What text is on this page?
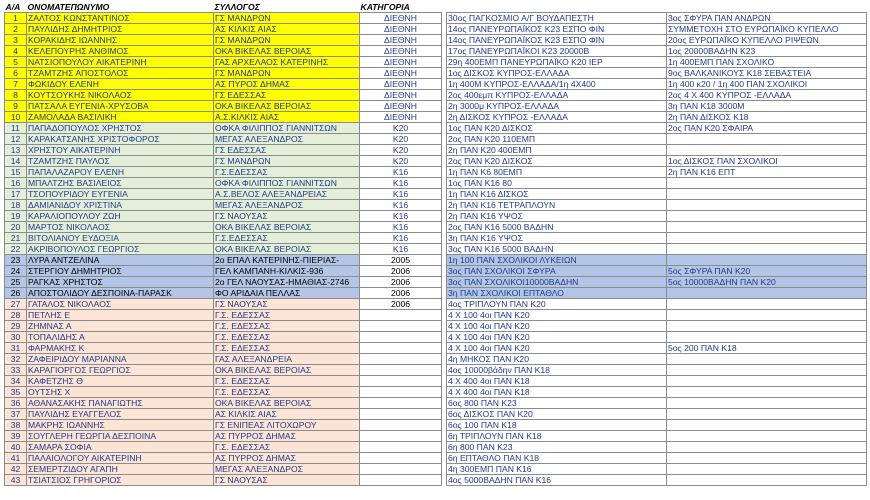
Α/Α	ΟΝΟΜΑΤΕΠΩΝΥΜΟ	ΣΥΛΛΟΓΟΣ	ΚΑΤΗΓΟΡΙΑ
1	ΖΑΛΤΟΣ ΚΩΝΣΤΑΝΤΙΝΟΣ	ΓΣ ΜΑΝΔΡΩΝ	ΔΙΕΘΝΗ
2	ΠΑΥΛΙΔΗΣ ΔΗΜΗΤΡΙΟΣ	ΑΣ ΚΙΛΚΙΣ ΑΙΑΣ	ΔΙΕΘΝΗ
3	ΚΟΡΑΚΙΔΗΣ ΙΩΑΝΝΗΣ	ΓΣ ΜΑΝΔΡΩΝ	ΔΙΕΘΝΗ
4	ΚΕΛΕΠΟΥΡΗΣ ΑΝΘΙΜΟΣ	ΟΚΑ ΒΙΚΕΛΑΣ ΒΕΡΟΙΑΣ	ΔΙΕΘΝΗ
5	ΝΑΤΣΙΟΠΟΥΛΟΥ ΑΙΚΑΤΕΡΙΝΗ	ΓΑΣ ΑΡΧΕΛΑΟΣ ΚΑΤΕΡΙΝΗΣ	ΔΙΕΘΝΗ
6	ΤΖΑΜΤΖΗΣ ΑΠΟΣΤΟΛΟΣ	ΓΣ ΜΑΝΔΡΩΝ	ΔΙΕΘΝΗ
7	ΦΩΚΙΔΟΥ ΕΛΕΝΗ	ΑΣ ΠΥΡΟΣ ΔΗΜΑΣ	ΔΙΕΘΝΗ
8	ΚΟΥΤΣΟΥΚΗΣ ΝΙΚΟΛΑΟΣ	ΓΣ ΕΔΕΣΣΑΣ	ΔΙΕΘΝΗ
9	ΠΑΤΣΑΛΑ ΕΥΓΕΝΙΑ-ΧΡΥΣΟΒΑ	ΟΚΑ ΒΙΚΕΛΑΣ ΒΕΡΟΙΑΣ	ΔΙΕΘΝΗ
10	ΖΑΜΟΛΑΔΑ ΒΑΣΙΛΙΚΗ	Α.Σ.ΚΙΛΚΙΣ ΑΙΑΣ	ΔΙΕΘΝΗ
11	ΠΑΠΑΔΟΠΟΥΛΟΣ ΧΡΗΣΤΟΣ	ΟΦΚΑ ΦΙΛΙΠΠΟΣ ΓΙΑΝΝΙΤΣΩΝ	Κ20
12	ΚΑΡΑΚΑΤΣΑΝΗΣ ΧΡΙΣΤΟΦΟΡΟΣ	ΜΕΓΑΣ ΑΛΕΞΑΝΔΡΟΣ	Κ20
13	ΧΡΗΣΤΟΥ ΑΙΚΑΤΕΡΙΝΗ	ΓΣ ΕΔΕΣΣΑΣ	Κ20
14	ΤΖΑΜΤΖΗΣ ΠΑΥΛΟΣ	ΓΣ ΜΑΝΔΡΩΝ	Κ20
15	ΠΑΠΑΛΑΖΑΡΟΥ ΕΛΕΝΗ	Γ.Σ.ΕΔΕΣΣΑΣ	Κ16
16	ΜΠΑΛΤΖΗΣ ΒΑΣΙΛΕΙΟΣ	ΟΦΚΑ ΦΙΛΙΠΠΟΣ ΓΙΑΝΝΙΤΣΩΝ	Κ16
17	ΤΣΟΠΟΥΡΙΔΟΥ ΕΥΓΕΝΙΑ	Α.Σ.ΒΕΛΟΣ ΑΛΕΞΑΝΔΡΕΙΑΣ	Κ16
18	ΔΑΜΙΑΝΙΔΟΥ ΧΡΙΣΤΙΝΑ	ΜΕΓΑΣ ΑΛΕΞΑΝΔΡΟΣ	Κ16
19	ΚΑΡΑΛΙΟΠΟΥΛΟΥ ΖΩΗ	ΓΣ ΝΑΟΥΣΑΣ	Κ16
20	ΜΑΡΤΟΣ ΝΙΚΟΛΑΟΣ	ΟΚΑ ΒΙΚΕΛΑΣ ΒΕΡΟΙΑΣ	Κ16
21	ΒΙΤΟΛΙΑΝΟΥ ΕΥΔΟΞΙΑ	Γ.Σ.ΕΔΕΣΣΑΣ	Κ16
22	ΑΚΡΙΒΟΠΟΥΛΟΣ ΓΕΩΡΓΙΟΣ	ΟΚΑ ΒΙΚΕΛΑΣ ΒΕΡΟΙΑΣ	Κ16
23	ΛΥΡΑ ΑΝΤΖΕΛΙΝΑ	2ο ΕΠΑΛ ΚΑΤΕΡΙΝΗΣ-ΠΙΕΡΙΑΣ-	2005
24	ΣΤΕΡΓΙΟΥ ΔΗΜΗΤΡΙΟΣ	ΓΕΛ ΚΑΜΠΑΝΗ-ΚΙΛΚΙΣ-936	2006
25	ΡΑΓΚΑΣ ΧΡΗΣΤΟΣ	2ο ΓΕΛ ΝΑΟΥΣΑΣ-ΗΜΑΘΙΑΣ-2746	2006
26	ΑΠΟΣΤΟΛΙΔΟΥ ΔΕΣΠΟΙΝΑ-ΠΑΡΑΣΚ	ΦΟ ΑΡΙΔΑΙΑ ΠΕΛΛΑΣ	2006
27	ΓΑΤΑΛΟΣ ΝΙΚΟΛΑΟΣ	ΓΣ ΝΑΟΥΣΑΣ	2006
28	ΠΕΤΛΗΣ Ε	Γ.Σ. ΕΔΕΣΣΑΣ	
29	ΖΗΜΝΑΣ Α	Γ.Σ. ΕΔΕΣΣΑΣ	
30	ΤΟΠΑΛΙΔΗΣ Α	Γ.Σ. ΕΔΕΣΣΑΣ	
31	ΦΑΡΜΑΚΗΣ Κ	Γ.Σ. ΕΔΕΣΣΑΣ	
32	ΖΑΦΕΙΡΙΔΟΥ ΜΑΡΙΑΝΝΑ	ΓΑΣ ΑΛΕΞΑΝΔΡΕΙΑ	
33	ΚΑΡΑΓΙΟΡΓΟΣ ΓΕΩΡΓΙΟΣ	ΟΚΑ ΒΙΚΕΛΑΣ ΒΕΡΟΙΑΣ	
34	ΚΑΦΕΤΖΗΣ Θ	Γ.Σ. ΕΔΕΣΣΑΣ	
35	ΟΥΤΣΗΣ Χ	Γ.Σ. ΕΔΕΣΣΑΣ	
36	ΑΘΑΝΑΣΑΚΗΣ ΠΑΝΑΓΙΩΤΗΣ	ΟΚΑ ΒΙΚΕΛΑΣ ΒΕΡΟΙΑΣ	
37	ΠΑΥΛΙΔΗΣ ΕΥΑΓΓΕΛΟΣ	ΑΣ ΚΙΛΚΙΣ ΑΙΑΣ	
38	ΜΑΚΡΗΣ ΙΩΑΝΝΗΣ	ΓΣ ΕΝΙΠΕΑΣ ΛΙΤΟΧΩΡΟΥ	
39	ΣΟΥΓΛΕΡΗ ΓΕΩΡΓΙΑ ΔΕΣΠΟΙΝΑ	ΑΣ ΠΥΡΡΟΣ ΔΗΜΑΣ	
40	ΣΑΜΑΡΑ ΣΟΦΙΑ	Γ.Σ. ΕΔΕΣΣΑΣ	
41	ΠΑΛΑΙΟΛΟΓΟΥ ΑΙΚΑΤΕΡΙΝΗ	ΑΣ ΠΥΡΡΟΣ ΔΗΜΑΣ	
42	ΣΕΜΕΡΤΖΙΔΟΥ ΑΓΑΠΗ	ΜΕΓΑΣ ΑΛΕΞΑΝΔΡΟΣ	
43	ΤΣΙΑΤΣΙΟΣ ΓΡΗΓΟΡΙΟΣ	ΓΣ ΝΑΟΥΣΑΣ	

30ος ΠΑΓΚΟΣΜΙΟ Α/Γ ΒΟΥΔΑΠΕΣΤΗ	3ος ΣΦΥΡΑ ΠΑΝ ΑΝΔΡΩΝ
14ος ΠΑΝΕΥΡΩΠΑΪΚΟΣ Κ23 ΕΣΠΟ ΦΙΝ	ΣΥΜΜΕΤΟΧΗ ΣΤΟ ΕΥΡΩΠΑΪΚΟ ΚΥΠΕΛΛΟ
14ος ΠΑΝΕΥΡΩΠΑΪΚΟΣ Κ23 ΕΣΠΟ ΦΙΝ	20ος ΕΥΡΩΠΑΪΚΟ ΚΥΠΕΛΛΟ ΡΙΨΕΩΝ
17ος ΠΑΝΕΥΡΩΠΑΪΚΟΙ Κ23 20000Β	1ος 20000ΒΑΔΗΝ Κ23
29η 400ΕΜΠ ΠΑΝΕΥΡΩΠΑΪΚΟ Κ20 ΙΕΡ	1η 400ΕΜΠ ΠΑΝ ΣΧΟΛΙΚΟ
1ος ΔΙΣΚΟΣ ΚΥΠΡΟΣ-ΕΛΛΑΔΑ	9ος ΒΑΛΚΑΝΙΚΟΥΣ Κ18 ΣΕΒΑΣΤΕΙΑ
1η 400Μ ΚΥΠΡΟΣ-ΕΛΛΑΔΑ/1η 4Χ400	1η 400 κ20 / 1η 400 ΠΑΝ ΣΧΟΛΙΚΟΙ
2ος 400εμπ ΚΥΠΡΟΣ-ΕΛΛΑΔΑ	2ος 4 Χ 400 ΚΥΠΡΟΣ -ΕΛΛΑΔΑ
2η 3000μ ΚΥΠΡΟΣ-ΕΛΛΑΔΑ	3η ΠΑΝ Κ18 3000Μ
2η ΔΙΣΚΟΣ ΚΥΠΡΟΣ -ΕΛΛΑΔΑ	2η ΠΑΝ ΔΙΣΚΟΣ Κ18
1ος ΠΑΝ Κ20 ΔΙΣΚΟΣ	2ος ΠΑΝ Κ20 ΣΦΑΙΡΑ
2ος ΠΑΝ Κ20 110ΕΜΠ	
2η ΠΑΝ Κ20 400ΕΜΠ	
2ος ΠΑΝ Κ20 ΔΙΣΚΟΣ	1ος ΔΙΣΚΟΣ ΠΑΝ ΣΧΟΛΙΚΟΙ
1η ΠΑΝ Κ6 80ΕΜΠ	2η ΠΑΝ Κ16 ΕΠΤ
1ος ΠΑΝ Κ16 80	
1η ΠΑΝ Κ16 ΔΙΣΚΟΣ	
2η ΠΑΝ Κ16 ΤΕΤΡΑΠΛΟΥΝ	
2η ΠΑΝ Κ16 ΥΨΟΣ	
2ος ΠΑΝ Κ16 5000 ΒΑΔΗΝ	
3η ΠΑΝ Κ16 ΥΨΟΣ	
3ος ΠΑΝ Κ16 5000 ΒΑΔΗΝ	
1η 100 ΠΑΝ ΣΧΟΛΙΚΟΙ ΛΥΚΕΙΩΝ	
3ος ΠΑΝ ΣΧΟΛΙΚΟΙ ΣΦΥΡΑ	5ος ΣΦΥΡΑ ΠΑΝ Κ20
3ος ΠΑΝ ΣΧΟΛΙΚΟΙ10000ΒΑΔΗΝ	5ος 10000ΒΑΔΗΝ ΠΑΝ Κ20
3η ΠΑΝ ΣΧΟΛΙΚΟΙ ΕΠΤΑΘΛΟ	
4ος ΤΡΙΠΛΟΥΝ ΠΑΝ Κ20	
4 Χ 100 4οι ΠΑΝ Κ20	
4 Χ 100 4οι ΠΑΝ Κ20	
4 Χ 100 4οι ΠΑΝ Κ20	
4 Χ 100 4οι ΠΑΝ Κ20	5ος 200 ΠΑΝ Κ18
4η ΜΗΚΟΣ ΠΑΝ Κ20	
4ος 10000βάδην ΠΑΝ Κ18	
4 Χ 400 4οι ΠΑΝ Κ18	
4 Χ 400 4οι ΠΑΝ Κ18	
6ος 800 ΠΑΝ Κ23	
6ος ΔΙΣΚΟΣ ΠΑΝ Κ20	
6ος 100 ΠΑΝ Κ18	
6η ΤΡΙΠΛΟΥΝ ΠΑΝ Κ18	
6η 800 ΠΑΝ Κ23	
6η ΕΠΤΑΘΛΟ ΠΑΝ Κ18	
4η 300ΕΜΠ ΠΑΝ Κ16	
4ος 5000ΒΑΔΗΝ ΠΑΝ Κ16	
